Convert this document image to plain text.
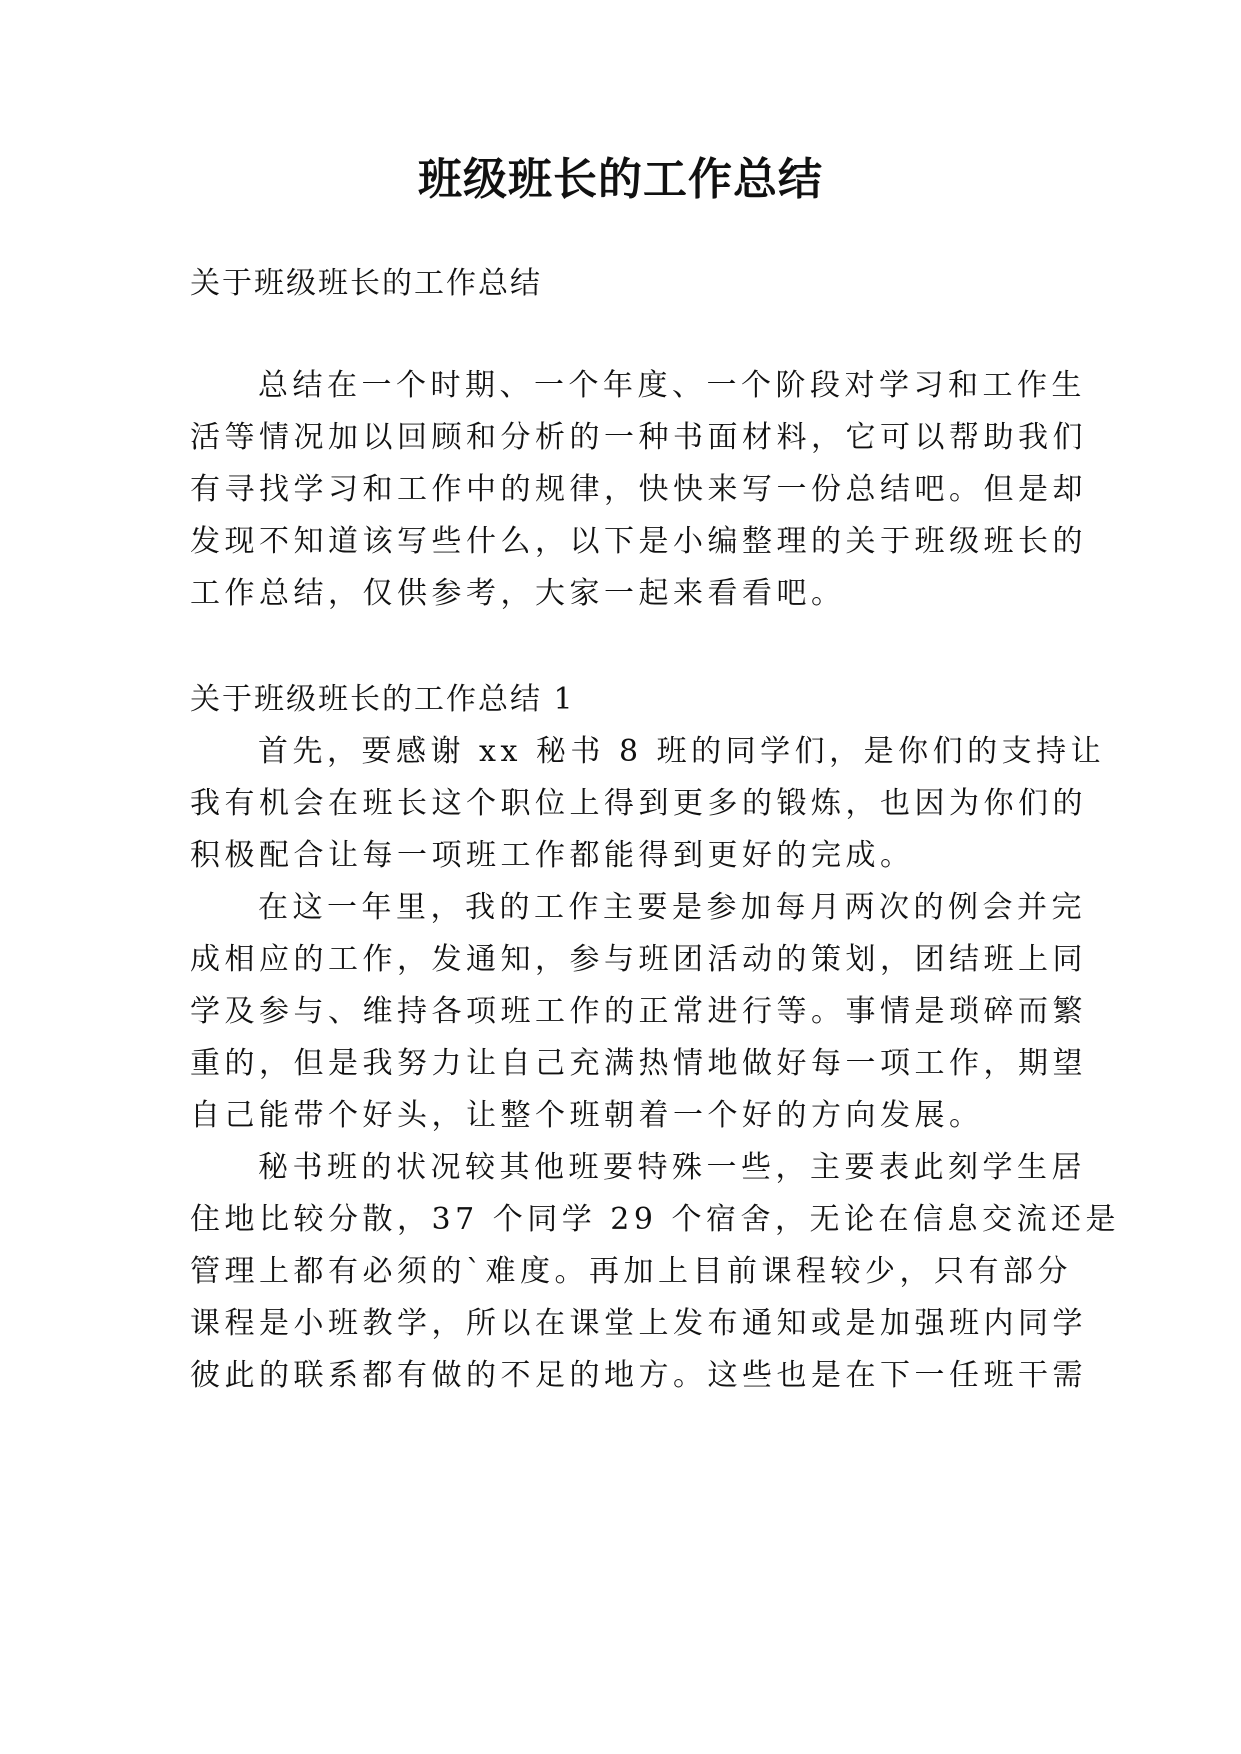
班级班长的工作总结
关于班级班长的工作总结
总结在一个时期、一个年度、一个阶段对学习和工作生
活等情况加以回顾和分析的一种书面材料，它可以帮助我们
有寻找学习和工作中的规律，快快来写一份总结吧。但是却
发现不知道该写些什么，以下是小编整理的关于班级班长的
工作总结，仅供参考，大家一起来看看吧。
关于班级班长的工作总结 1
首先，要感谢 xx 秘书 8 班的同学们，是你们的支持让
我有机会在班长这个职位上得到更多的锻炼，也因为你们的
积极配合让每一项班工作都能得到更好的完成。
在这一年里，我的工作主要是参加每月两次的例会并完
成相应的工作，发通知，参与班团活动的策划，团结班上同
学及参与、维持各项班工作的正常进行等。事情是琐碎而繁
重的，但是我努力让自己充满热情地做好每一项工作，期望
自己能带个好头，让整个班朝着一个好的方向发展。
秘书班的状况较其他班要特殊一些，主要表此刻学生居
住地比较分散，37 个同学 29 个宿舍，无论在信息交流还是
管理上都有必须的`难度。再加上目前课程较少，只有部分
课程是小班教学，所以在课堂上发布通知或是加强班内同学
彼此的联系都有做的不足的地方。这些也是在下一任班干需
